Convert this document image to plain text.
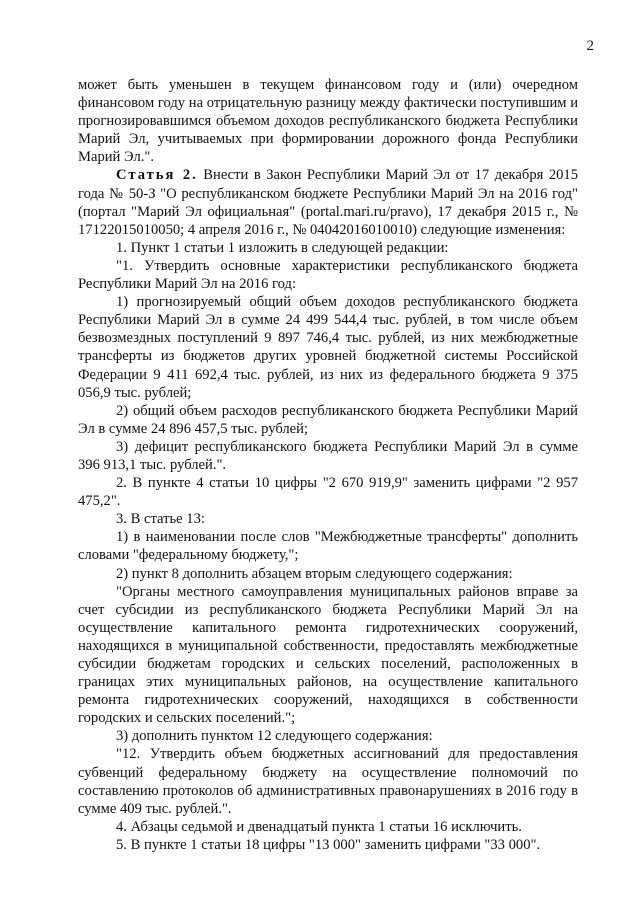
2

может быть уменьшен в текущем финансовом году и (или) очередном финансовом году на отрицательную разницу между фактически поступившим и прогнозировавшимся объемом доходов республиканского бюджета Республики Марий Эл, учитываемых при формировании дорожного фонда Республики Марий Эл.".

Статья 2. Внести в Закон Республики Марий Эл от 17 декабря 2015 года № 50-З "О республиканском бюджете Республики Марий Эл на 2016 год" (портал "Марий Эл официальная" (portal.mari.ru/pravo), 17 декабря 2015 г., № 17122015010050; 4 апреля 2016 г., № 04042016010010) следующие изменения:

1. Пункт 1 статьи 1 изложить в следующей редакции:

"1. Утвердить основные характеристики республиканского бюджета Республики Марий Эл на 2016 год:

1) прогнозируемый общий объем доходов республиканского бюджета Республики Марий Эл в сумме 24 499 544,4 тыс. рублей, в том числе объем безвозмездных поступлений 9 897 746,4 тыс. рублей, из них межбюджетные трансферты из бюджетов других уровней бюджетной системы Российской Федерации 9 411 692,4 тыс. рублей, из них из федерального бюджета 9 375 056,9 тыс. рублей;

2) общий объем расходов республиканского бюджета Республики Марий Эл в сумме 24 896 457,5 тыс. рублей;

3) дефицит республиканского бюджета Республики Марий Эл в сумме 396 913,1 тыс. рублей.".

2. В пункте 4 статьи 10 цифры "2 670 919,9" заменить цифрами "2 957 475,2".

3. В статье 13:

1) в наименовании после слов "Межбюджетные трансферты" дополнить словами "федеральному бюджету,";

2) пункт 8 дополнить абзацем вторым следующего содержания:

"Органы местного самоуправления муниципальных районов вправе за счет субсидии из республиканского бюджета Республики Марий Эл на осуществление капитального ремонта гидротехнических сооружений, находящихся в муниципальной собственности, предоставлять межбюджетные субсидии бюджетам городских и сельских поселений, расположенных в границах этих муниципальных районов, на осуществление капитального ремонта гидротехнических сооружений, находящихся в собственности городских и сельских поселений.";

3) дополнить пунктом 12 следующего содержания:

"12. Утвердить объем бюджетных ассигнований для предоставления субвенций федеральному бюджету на осуществление полномочий по составлению протоколов об административных правонарушениях в 2016 году в сумме 409 тыс. рублей.".

4. Абзацы седьмой и двенадцатый пункта 1 статьи 16 исключить.

5. В пункте 1 статьи 18 цифры "13 000" заменить цифрами "33 000".
